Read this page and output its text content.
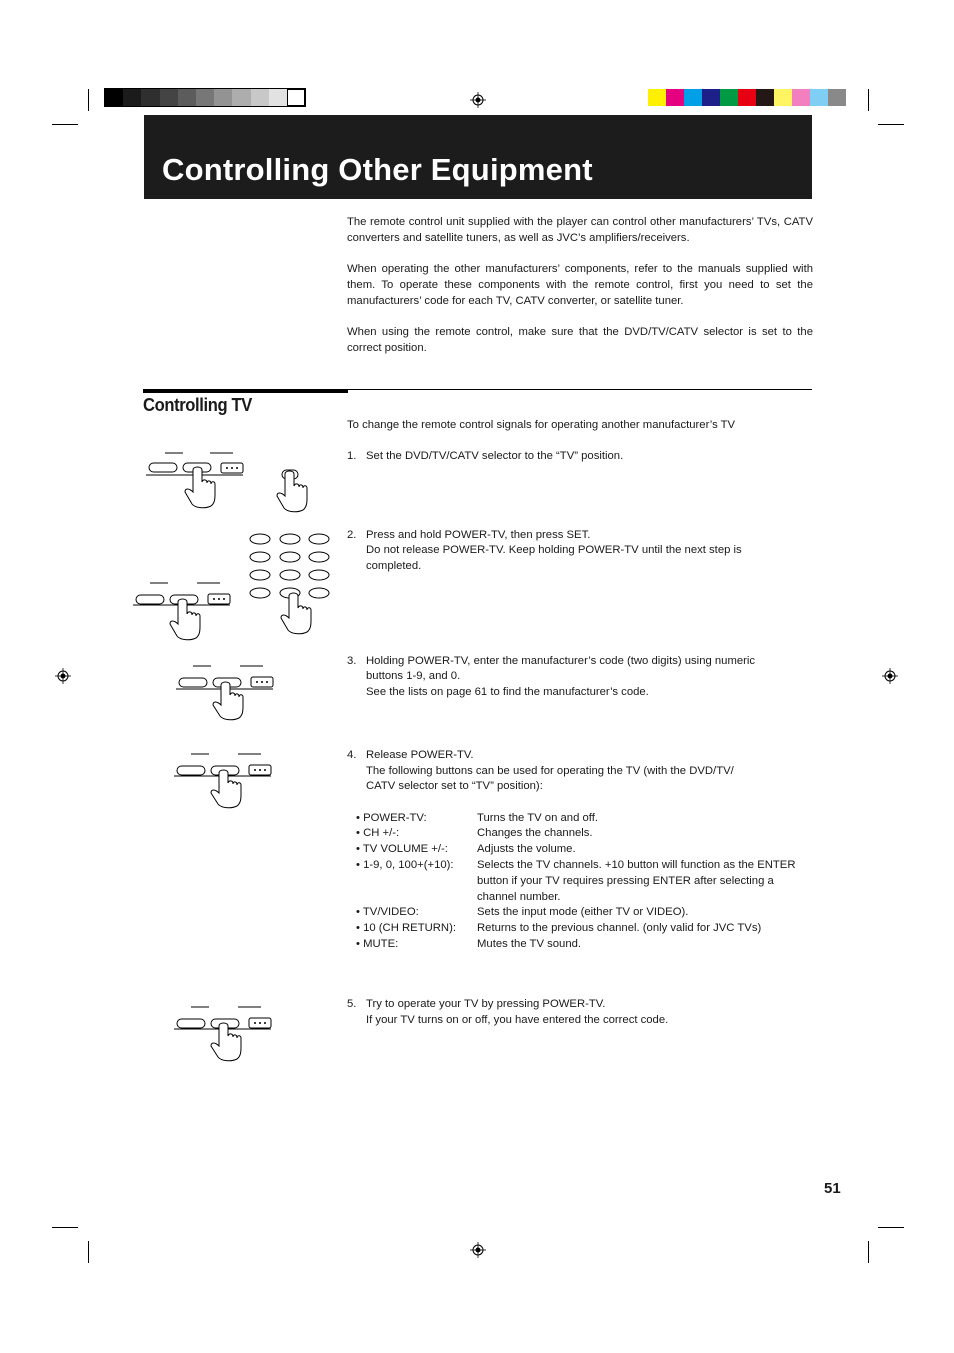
Controlling Other Equipment
The remote control unit supplied with the player can control other manufacturers’ TVs, CATV converters and satellite tuners, as well as JVC’s amplifiers/receivers.
When operating the other manufacturers’ components, refer to the manuals supplied with them. To operate these components with the remote control, first you need to set the manufacturers’ code for each TV, CATV converter, or satellite tuner.
When using the remote control, make sure that the DVD/TV/CATV selector is set to the correct position.
Controlling TV
To change the remote control signals for operating another manufacturer’s TV
1. Set the DVD/TV/CATV selector to the “TV” position.
2. Press and hold POWER-TV, then press SET.
Do not release POWER-TV. Keep holding POWER-TV until the next step is
completed.
3. Holding POWER-TV, enter the manufacturer’s code (two digits) using numeric
buttons 1-9, and 0.
See the lists on page 61 to find the manufacturer’s code.
4. Release POWER-TV.
The following buttons can be used for operating the TV (with the DVD/TV/
CATV selector set to “TV” position):
• POWER-TV:	Turns the TV on and off.
• CH +/-:	Changes the channels.
• TV VOLUME +/-:	Adjusts the volume.
• 1-9, 0, 100+(+10): Selects the TV channels. +10 button will function as the ENTER button if your TV requires pressing ENTER after selecting a channel number.
• TV/VIDEO:	Sets the input mode (either TV or VIDEO).
• 10 (CH RETURN): Returns to the previous channel. (only valid for JVC TVs)
• MUTE:	Mutes the TV sound.
5. Try to operate your TV by pressing POWER-TV.
If your TV turns on or off, you have entered the correct code.
51
